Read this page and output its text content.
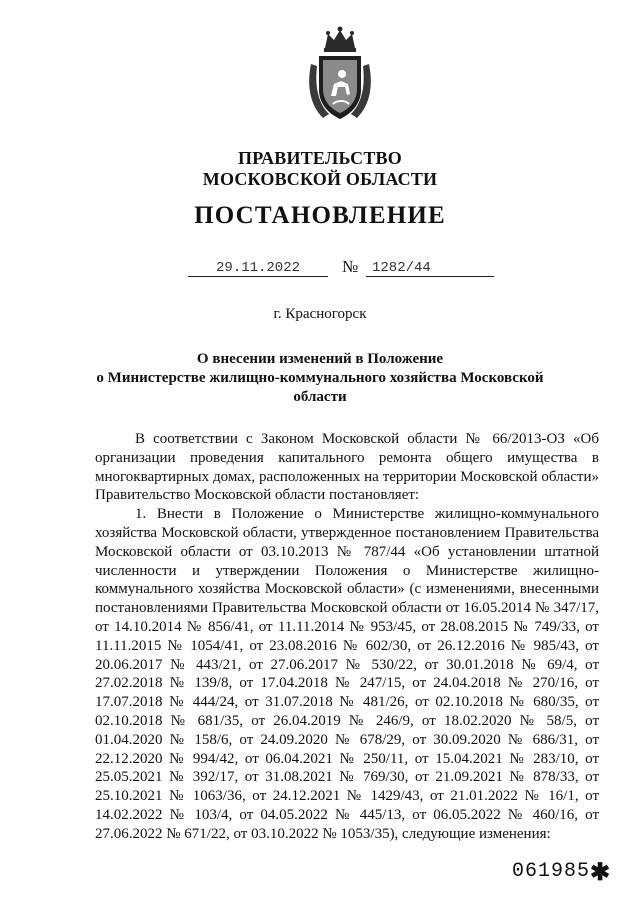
ПРАВИТЕЛЬСТВО
МОСКОВСКОЙ ОБЛАСТИ
ПОСТАНОВЛЕНИЕ
29.11.2022	№ 1282/44
г. Красногорск
О внесении изменений в Положение
о Министерстве жилищно-коммунального хозяйства Московской
области

В соответствии с Законом Московской области № 66/2013-ОЗ «Об организации проведения капитального ремонта общего имущества в многоквартирных домах, расположенных на территории Московской области» Правительство Московской области постановляет:

1. Внести в Положение о Министерстве жилищно-коммунального хозяйства Московской области, утвержденное постановлением Правительства Московской области от 03.10.2013 № 787/44 «Об установлении штатной численности и утверждении Положения о Министерстве жилищно-коммунального хозяйства Московской области» (с изменениями, внесенными постановлениями Правительства Московской области от 16.05.2014 № 347/17, от 14.10.2014 № 856/41, от 11.11.2014 № 953/45, от 28.08.2015 № 749/33, от 11.11.2015 № 1054/41, от 23.08.2016 № 602/30, от 26.12.2016 № 985/43, от 20.06.2017 № 443/21, от 27.06.2017 № 530/22, от 30.01.2018 № 69/4, от 27.02.2018 № 139/8, от 17.04.2018 № 247/15, от 24.04.2018 № 270/16, от 17.07.2018 № 444/24, от 31.07.2018 № 481/26, от 02.10.2018 № 680/35, от 02.10.2018 № 681/35, от 26.04.2019 № 246/9, от 18.02.2020 № 58/5, от 01.04.2020 № 158/6, от 24.09.2020 № 678/29, от 30.09.2020 № 686/31, от 22.12.2020 № 994/42, от 06.04.2021 № 250/11, от 15.04.2021 № 283/10, от 25.05.2021 № 392/17, от 31.08.2021 № 769/30, от 21.09.2021 № 878/33, от 25.10.2021 № 1063/36, от 24.12.2021 № 1429/43, от 21.01.2022 № 16/1, от 14.02.2022 № 103/4, от 04.05.2022 № 445/13, от 06.05.2022 № 460/16, от 27.06.2022 № 671/22, от 03.10.2022 № 1053/35), следующие изменения:

061985 ✱
